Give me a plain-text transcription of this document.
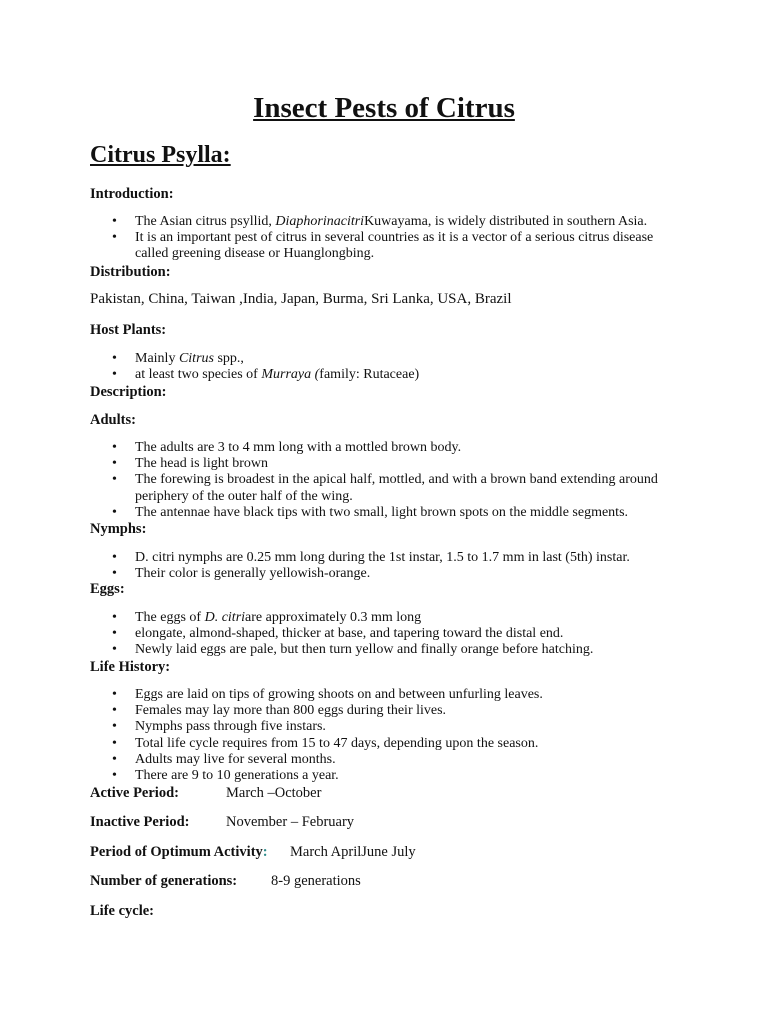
Insect Pests of Citrus
Citrus Psylla:
Introduction:
• The Asian citrus psyllid, DiaphorinacitriKuwayama, is widely distributed in southern Asia.
• It is an important pest of citrus in several countries as it is a vector of a serious citrus disease called greening disease or Huanglongbing.
Distribution:
Pakistan, China, Taiwan ,India, Japan, Burma, Sri Lanka, USA, Brazil
Host Plants:
• Mainly Citrus spp.,
• at least two species of Murraya (family: Rutaceae)
Description:
Adults:
• The adults are 3 to 4 mm long with a mottled brown body.
• The head is light brown
• The forewing is broadest in the apical half, mottled, and with a brown band extending around periphery of the outer half of the wing.
• The antennae have black tips with two small, light brown spots on the middle segments.
Nymphs:
• D. citri nymphs are 0.25 mm long during the 1st instar, 1.5 to 1.7 mm in last (5th) instar.
• Their color is generally yellowish-orange.
Eggs:
• The eggs of D. citriare approximately 0.3 mm long
• elongate, almond-shaped, thicker at base, and tapering toward the distal end.
• Newly laid eggs are pale, but then turn yellow and finally orange before hatching.
Life History:
• Eggs are laid on tips of growing shoots on and between unfurling leaves.
• Females may lay more than 800 eggs during their lives.
• Nymphs pass through five instars.
• Total life cycle requires from 15 to 47 days, depending upon the season.
• Adults may live for several months.
• There are 9 to 10 generations a year.
Active Period:	March –October
Inactive Period:	November – February
Period of Optimum Activity: March AprilJune July
Number of generations: 8-9 generations
Life cycle:
